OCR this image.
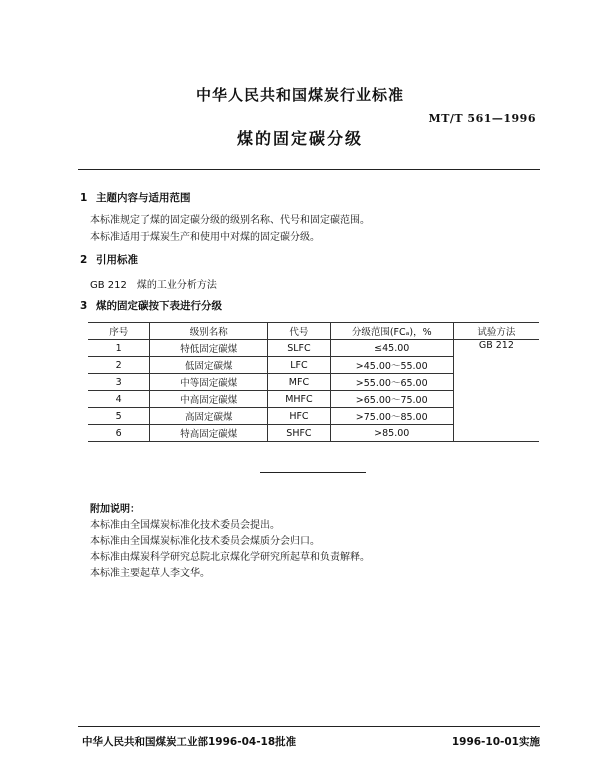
中华人民共和国煤炭行业标准
MT/T 561—1996
煤的固定碳分级
1 主题内容与适用范围
本标准规定了煤的固定碳分级的级别名称、代号和固定碳范围。
本标准适用于煤炭生产和使用中对煤的固定碳分级。
2 引用标准
GB 212　煤的工业分析方法
3 煤的固定碳按下表进行分级
序号	级别名称	代号	分级范围(FCₐ)，%	试验方法
1	特低固定碳煤	SLFC	≤45.00	GB 212
2	低固定碳煤	LFC	>45.00～55.00	
3	中等固定碳煤	MFC	>55.00～65.00	
4	中高固定碳煤	MHFC	>65.00～75.00	
5	高固定碳煤	HFC	>75.00～85.00	
6	特高固定碳煤	SHFC	>85.00	
附加说明：
本标准由全国煤炭标准化技术委员会提出。
本标准由全国煤炭标准化技术委员会煤质分会归口。
本标准由煤炭科学研究总院北京煤化学研究所起草和负责解释。
本标准主要起草人李文华。
中华人民共和国煤炭工业部1996-04-18批准	1996-10-01实施
